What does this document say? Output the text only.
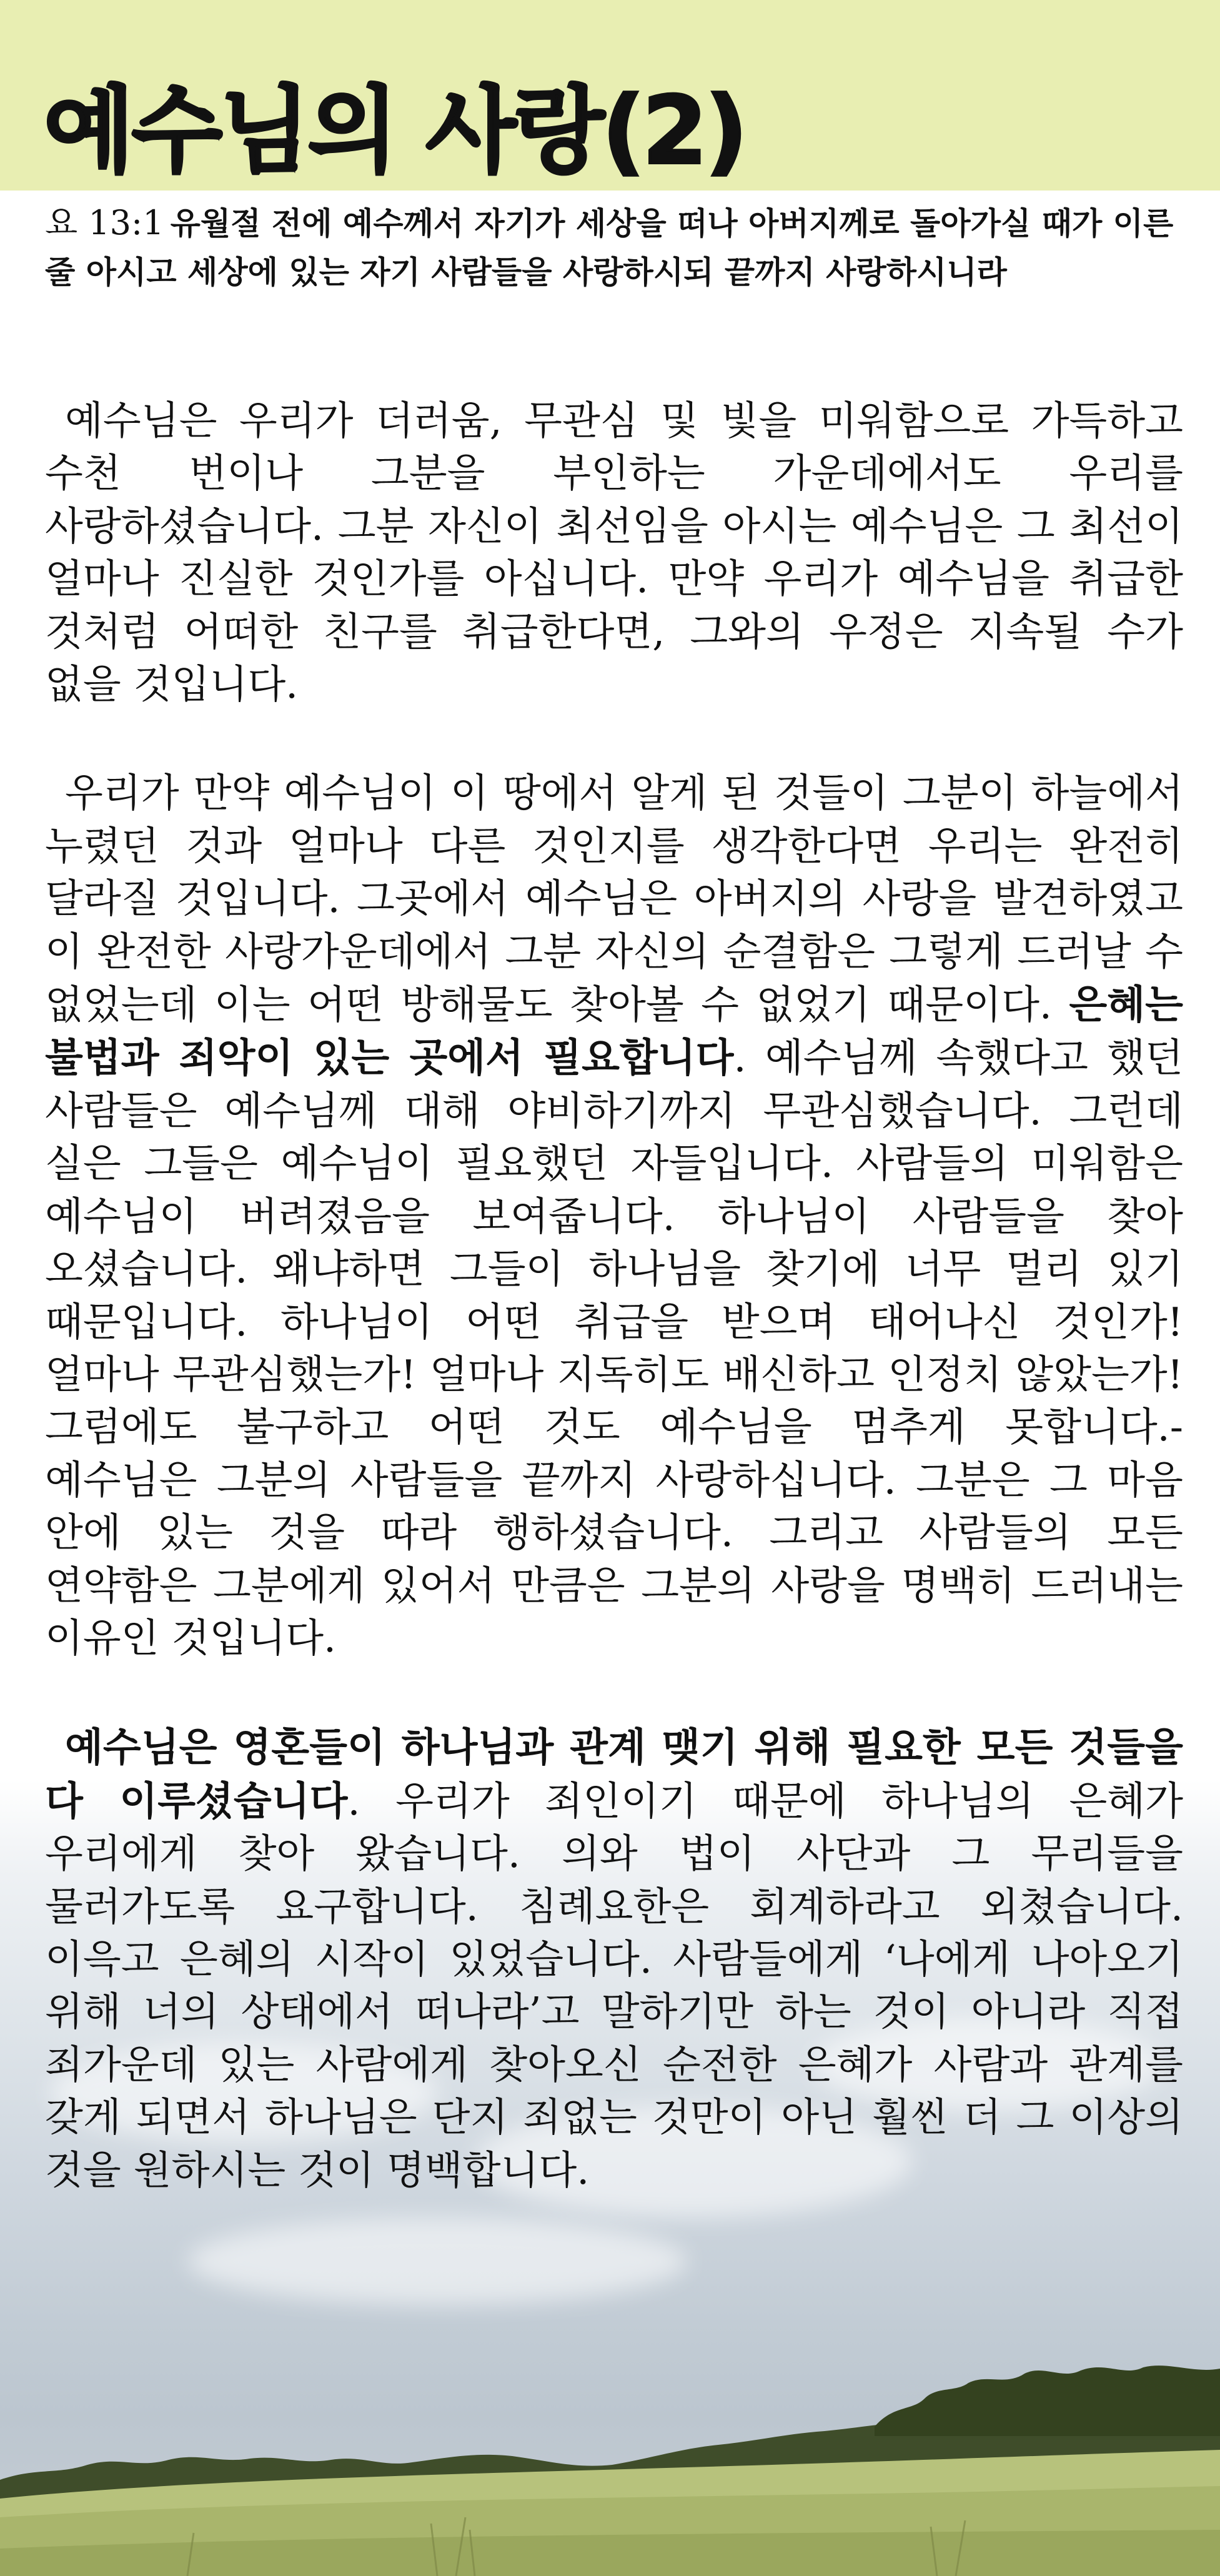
예수님의 사랑(2)

요 13:1 유월절 전에 예수께서 자기가 세상을 떠나 아버지께로 돌아가실 때가 이른 줄 아시고 세상에 있는 자기 사람들을 사랑하시되 끝까지 사랑하시니라

예수님은 우리가 더러움, 무관심 및 빛을 미워함으로 가득하고 수천 번이나 그분을 부인하는 가운데에서도 우리를 사랑하셨습니다. 그분 자신이 최선임을 아시는 예수님은 그 최선이 얼마나 진실한 것인가를 아십니다. 만약 우리가 예수님을 취급한 것처럼 어떠한 친구를 취급한다면, 그와의 우정은 지속될 수가 없을 것입니다.

우리가 만약 예수님이 이 땅에서 알게 된 것들이 그분이 하늘에서 누렸던 것과 얼마나 다른 것인지를 생각한다면 우리는 완전히 달라질 것입니다. 그곳에서 예수님은 아버지의 사랑을 발견하였고 이 완전한 사랑가운데에서 그분 자신의 순결함은 그렇게 드러날 수 없었는데 이는 어떤 방해물도 찾아볼 수 없었기 때문이다. 은혜는 불법과 죄악이 있는 곳에서 필요합니다. 예수님께 속했다고 했던 사람들은 예수님께 대해 야비하기까지 무관심했습니다. 그런데 실은 그들은 예수님이 필요했던 자들입니다. 사람들의 미워함은 예수님이 버려졌음을 보여줍니다. 하나님이 사람들을 찾아 오셨습니다. 왜냐하면 그들이 하나님을 찾기에 너무 멀리 있기 때문입니다. 하나님이 어떤 취급을 받으며 태어나신 것인가! 얼마나 무관심했는가! 얼마나 지독히도 배신하고 인정치 않았는가! 그럼에도 불구하고 어떤 것도 예수님을 멈추게 못합니다.- 예수님은 그분의 사람들을 끝까지 사랑하십니다. 그분은 그 마음 안에 있는 것을 따라 행하셨습니다. 그리고 사람들의 모든 연약함은 그분에게 있어서 만큼은 그분의 사랑을 명백히 드러내는 이유인 것입니다.

예수님은 영혼들이 하나님과 관계 맺기 위해 필요한 모든 것들을 다 이루셨습니다. 우리가 죄인이기 때문에 하나님의 은혜가 우리에게 찾아 왔습니다. 의와 법이 사단과 그 무리들을 물러가도록 요구합니다. 침례요한은 회계하라고 외쳤습니다. 이윽고 은혜의 시작이 있었습니다. 사람들에게 ‘나에게 나아오기 위해 너의 상태에서 떠나라’고 말하기만 하는 것이 아니라 직접 죄가운데 있는 사람에게 찾아오신 순전한 은혜가 사람과 관계를 갖게 되면서 하나님은 단지 죄없는 것만이 아닌 훨씬 더 그 이상의 것을 원하시는 것이 명백합니다.
